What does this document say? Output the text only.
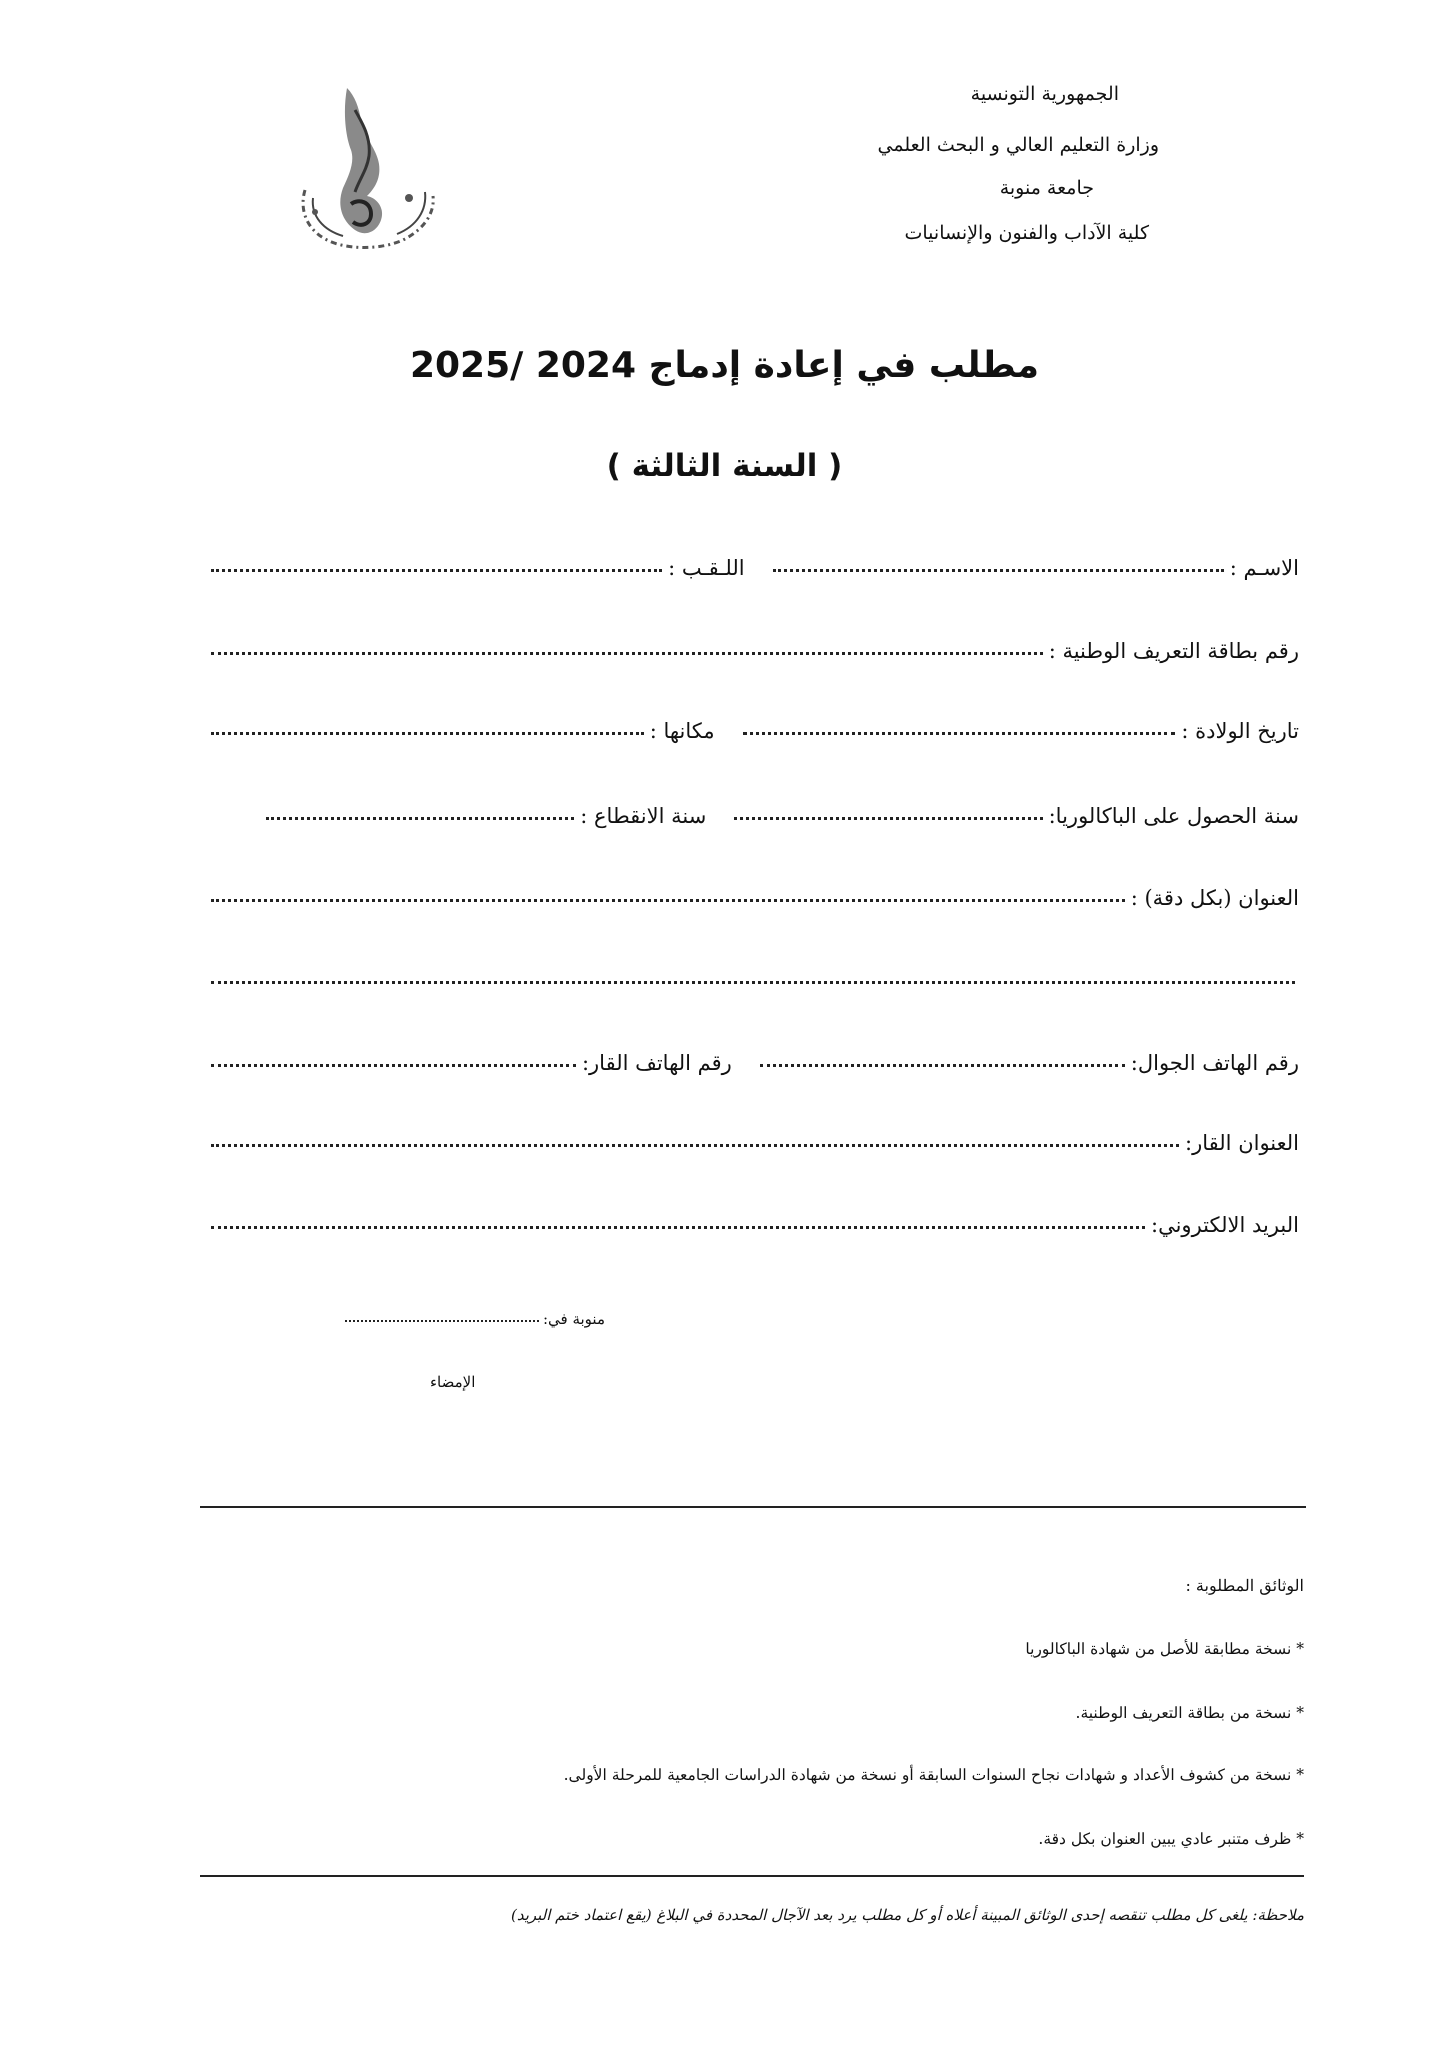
الجمهورية التونسية
وزارة التعليم العالي و البحث العلمي
جامعة منوبة
كلية الآداب والفنون والإنسانيات
مطلب في إعادة إدماج 2024 /2025
( السنة الثالثة )
الاسـم :
اللـقـب :
رقم بطاقة التعريف الوطنية :
تاريخ الولادة :
مكانها :
سنة الحصول على الباكالوريا:
سنة الانقطاع :
العنوان (بكل دقة) :
رقم الهاتف الجوال:
رقم الهاتف القار:
العنوان القار:
البريد الالكتروني:
منوبة في:
الإمضاء
الوثائق المطلوبة :
* نسخة مطابقة للأصل من شهادة الباكالوريا
* نسخة من بطاقة التعريف الوطنية.
* نسخة من كشوف الأعداد و شهادات نجاح السنوات السابقة أو نسخة من شهادة الدراسات الجامعية للمرحلة الأولى.
* ظرف متنبر عادي يبين العنوان بكل دقة.
ملاحظة: يلغى كل مطلب تنقصه إحدى الوثائق المبينة أعلاه أو كل مطلب يرد بعد الآجال المحددة في البلاغ (يقع اعتماد ختم البريد)
